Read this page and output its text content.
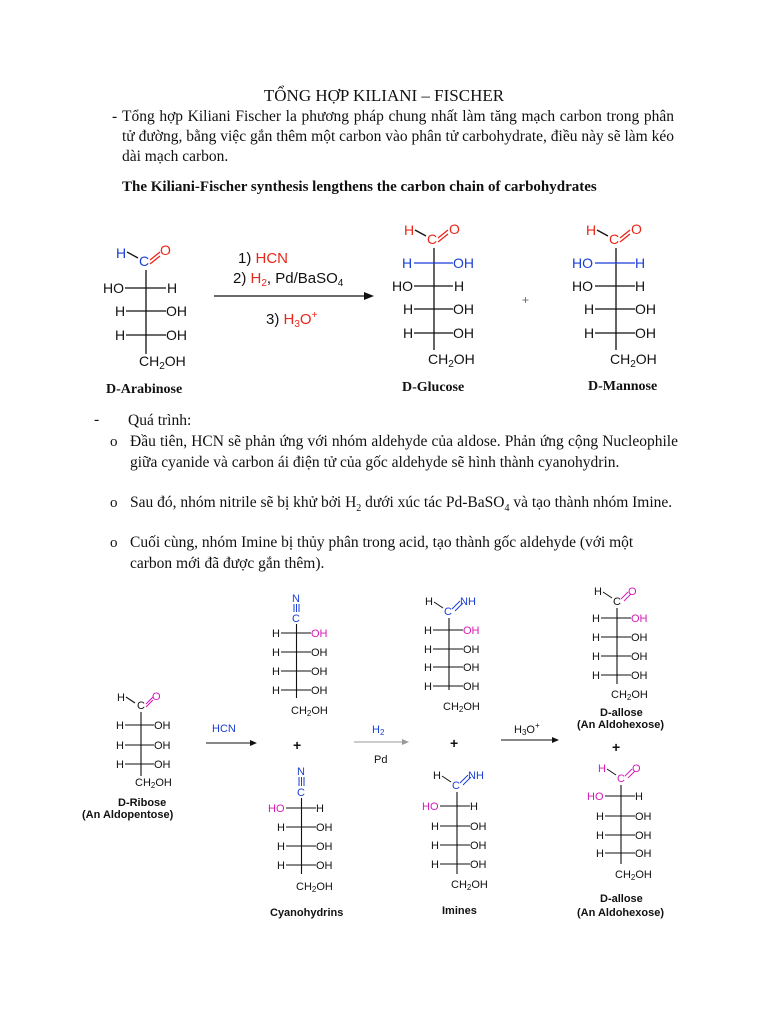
TỔNG HỢP KILIANI – FISCHER
- Tổng hợp Kiliani Fischer la phương pháp chung nhất làm tăng mạch carbon trong phân tử đường, bằng việc gắn thêm một carbon vào phân tử carbohydrate, điều này sẽ làm kéo dài mạch carbon.
The Kiliani-Fischer synthesis lengthens the carbon chain of carbohydrates
H C
O
HO	H
H	OH
H	OH
$CH_2OH$
D-Arabinose
1) HCN
2) $H_2$, Pd/BaSO$_4$
3) $H_3O^+$
H
C
O
H	OH
HO	H
H	OH
H	OH
$CH_2OH$
D-Glucose
+
H
C
O
HO	H
HO	H
H	OH
H	OH
$CH_2OH$
D-Mannose
- Quá trình:
o Đầu tiên, HCN sẽ phản ứng với nhóm aldehyde của aldose. Phản ứng cộng Nucleophile giữa cyanide và carbon ái điện tử của gốc aldehyde sẽ hình thành cyanohydrin.
o Sau đó, nhóm nitrile sẽ bị khử bởi $H_2$ dưới xúc tác Pd-BaSO$_4$ và tạo thành nhóm Imine.
o Cuối cùng, nhóm Imine bị thủy phân trong acid, tạo thành gốc aldehyde (với một carbon mới đã được gắn thêm).
H
C
O
H	OH
H	OH
H	OH
CH2OH
D-Ribose
(An Aldopentose)
HCN
N
C
H	OH
H	OH
H	OH
H	OH
CH2OH
+
N
C
HO	H
H	OH
H	OH
H	OH
CH2OH
Cyanohydrins
H2
Pd
H
C
NH
H	OH
H	OH
H	OH
H	OH
CH2OH
+
H
C
NH
HO	H
H	OH
H	OH
H	OH
CH2OH
Imines
H3O+
H
C
O
H	OH
H	OH
H	OH
H	OH
CH2OH
D-allose
(An Aldohexose)
+
H
C
O
HO	H
H	OH
H	OH
H	OH
CH2OH
D-allose
(An Aldohexose)
